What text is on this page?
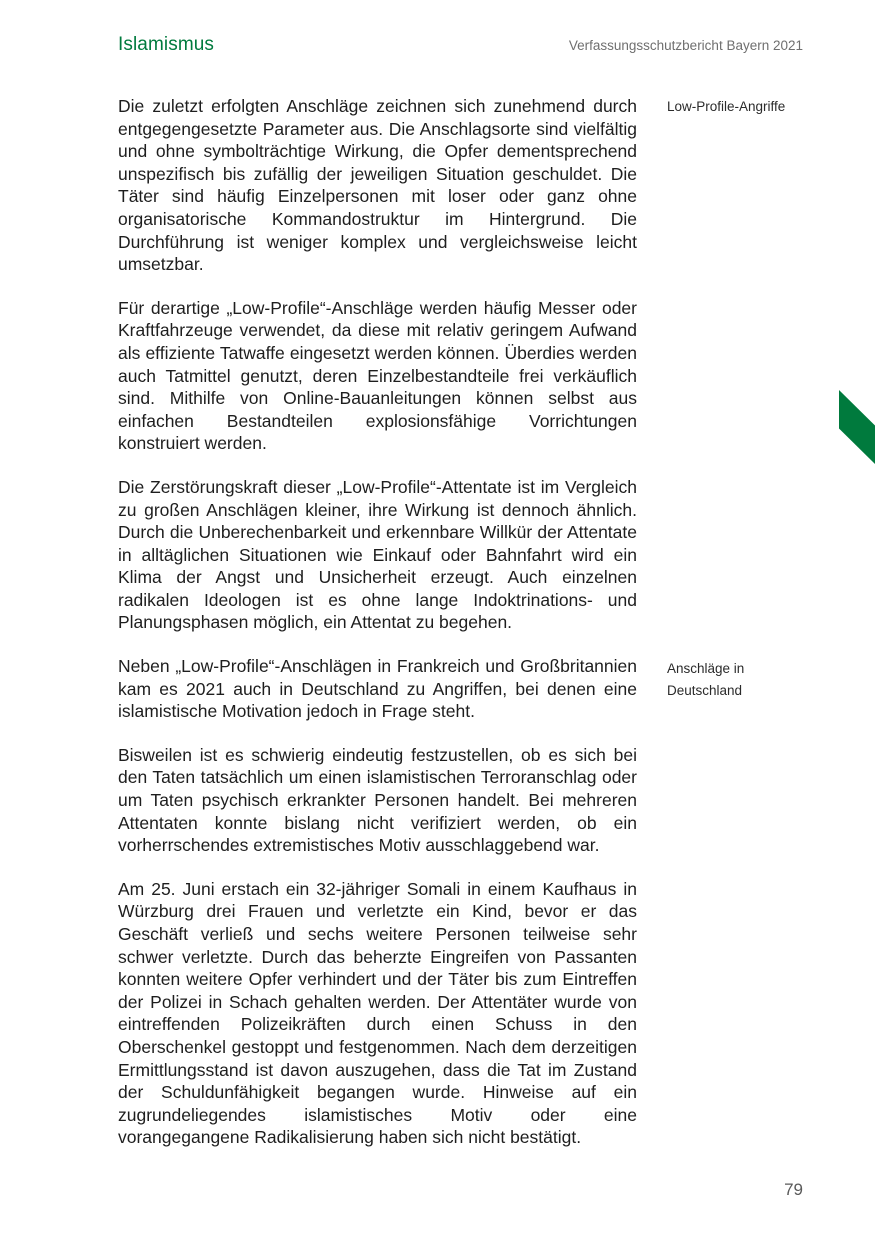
Islamismus	Verfassungsschutzbericht Bayern 2021

Die zuletzt erfolgten Anschläge zeichnen sich zunehmend durch entgegengesetzte Parameter aus. Die Anschlagsorte sind vielfältig und ohne symbolträchtige Wirkung, die Opfer dementsprechend unspezifisch bis zufällig der jeweiligen Situation geschuldet. Die Täter sind häufig Einzelpersonen mit loser oder ganz ohne organisatorische Kommandostruktur im Hintergrund. Die Durchführung ist weniger komplex und vergleichsweise leicht umsetzbar.

Für derartige „Low-Profile“-Anschläge werden häufig Messer oder Kraftfahrzeuge verwendet, da diese mit relativ geringem Aufwand als effiziente Tatwaffe eingesetzt werden können. Überdies werden auch Tatmittel genutzt, deren Einzelbestandteile frei verkäuflich sind. Mithilfe von Online-Bauanleitungen können selbst aus einfachen Bestandteilen explosionsfähige Vorrichtungen konstruiert werden.

Die Zerstörungskraft dieser „Low-Profile“-Attentate ist im Vergleich zu großen Anschlägen kleiner, ihre Wirkung ist dennoch ähnlich. Durch die Unberechenbarkeit und erkennbare Willkür der Attentate in alltäglichen Situationen wie Einkauf oder Bahnfahrt wird ein Klima der Angst und Unsicherheit erzeugt. Auch einzelnen radikalen Ideologen ist es ohne lange Indoktrinations- und Planungsphasen möglich, ein Attentat zu begehen.

Neben „Low-Profile“-Anschlägen in Frankreich und Großbritannien kam es 2021 auch in Deutschland zu Angriffen, bei denen eine islamistische Motivation jedoch in Frage steht.

Bisweilen ist es schwierig eindeutig festzustellen, ob es sich bei den Taten tatsächlich um einen islamistischen Terroranschlag oder um Taten psychisch erkrankter Personen handelt. Bei mehreren Attentaten konnte bislang nicht verifiziert werden, ob ein vorherrschendes extremistisches Motiv ausschlaggebend war.

Am 25. Juni erstach ein 32-jähriger Somali in einem Kaufhaus in Würzburg drei Frauen und verletzte ein Kind, bevor er das Geschäft verließ und sechs weitere Personen teilweise sehr schwer verletzte. Durch das beherzte Eingreifen von Passanten konnten weitere Opfer verhindert und der Täter bis zum Eintreffen der Polizei in Schach gehalten werden. Der Attentäter wurde von eintreffenden Polizeikräften durch einen Schuss in den Oberschenkel gestoppt und festgenommen. Nach dem derzeitigen Ermittlungsstand ist davon auszugehen, dass die Tat im Zustand der Schuldunfähigkeit begangen wurde. Hinweise auf ein zugrundeliegendes islamistisches Motiv oder eine vorangegangene Radikalisierung haben sich nicht bestätigt.

Low-Profile-Angriffe
Anschläge in
Deutschland
79
